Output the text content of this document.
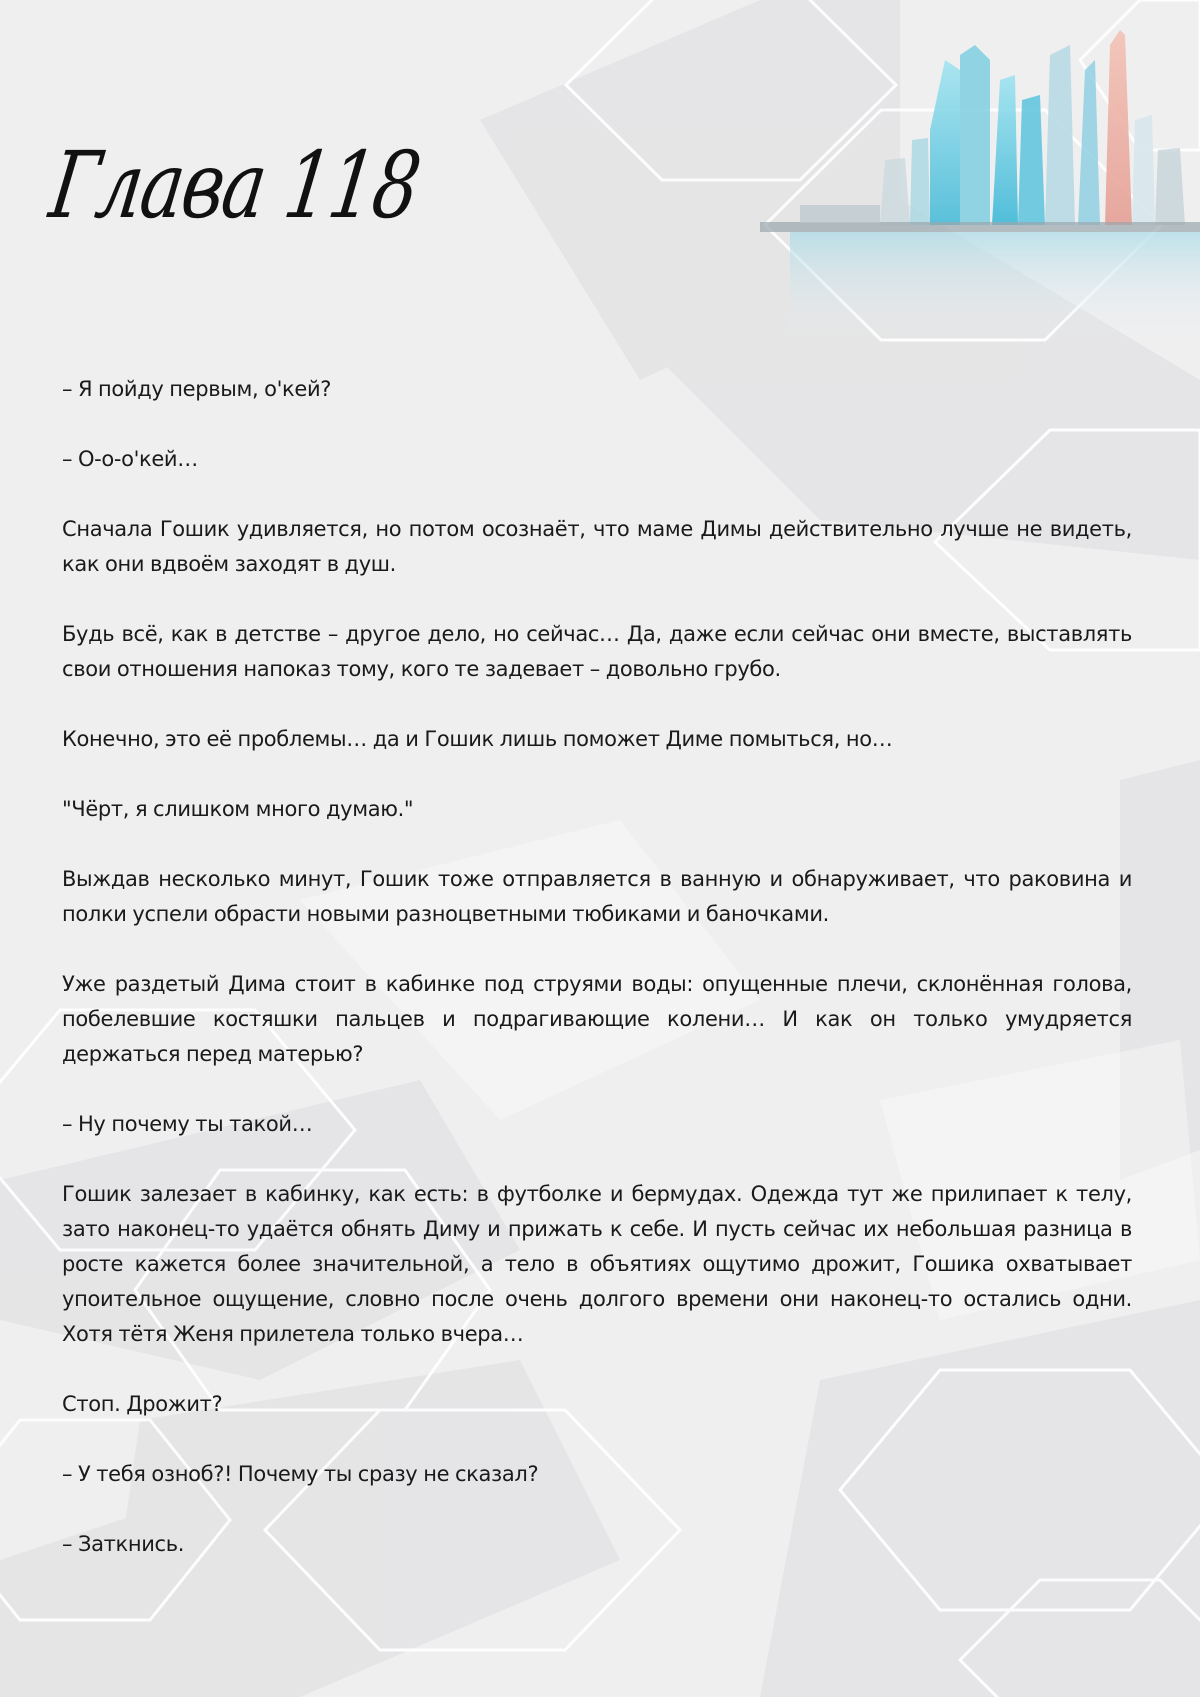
Глава 118

– Я пойду первым, о'кей?

– О-о-о'кей…

Сначала Гошик удивляется, но потом осознаёт, что маме Димы действительно лучше не видеть, как они вдвоём заходят в душ.

Будь всё, как в детстве – другое дело, но сейчас… Да, даже если сейчас они вместе, выставлять свои отношения напоказ тому, кого те задевает – довольно грубо.

Конечно, это её проблемы… да и Гошик лишь поможет Диме помыться, но…

"Чёрт, я слишком много думаю."

Выждав несколько минут, Гошик тоже отправляется в ванную и обнаруживает, что раковина и полки успели обрасти новыми разноцветными тюбиками и баночками.

Уже раздетый Дима стоит в кабинке под струями воды: опущенные плечи, склонённая голова, побелевшие костяшки пальцев и подрагивающие колени… И как он только умудряется держаться перед матерью?

– Ну почему ты такой…

Гошик залезает в кабинку, как есть: в футболке и бермудах. Одежда тут же прилипает к телу, зато наконец-то удаётся обнять Диму и прижать к себе. И пусть сейчас их небольшая разница в росте кажется более значительной, а тело в объятиях ощутимо дрожит, Гошика охватывает упоительное ощущение, словно после очень долгого времени они наконец-то остались одни. Хотя тётя Женя прилетела только вчера…

Стоп. Дрожит?

– У тебя озноб?! Почему ты сразу не сказал?

– Заткнись.
